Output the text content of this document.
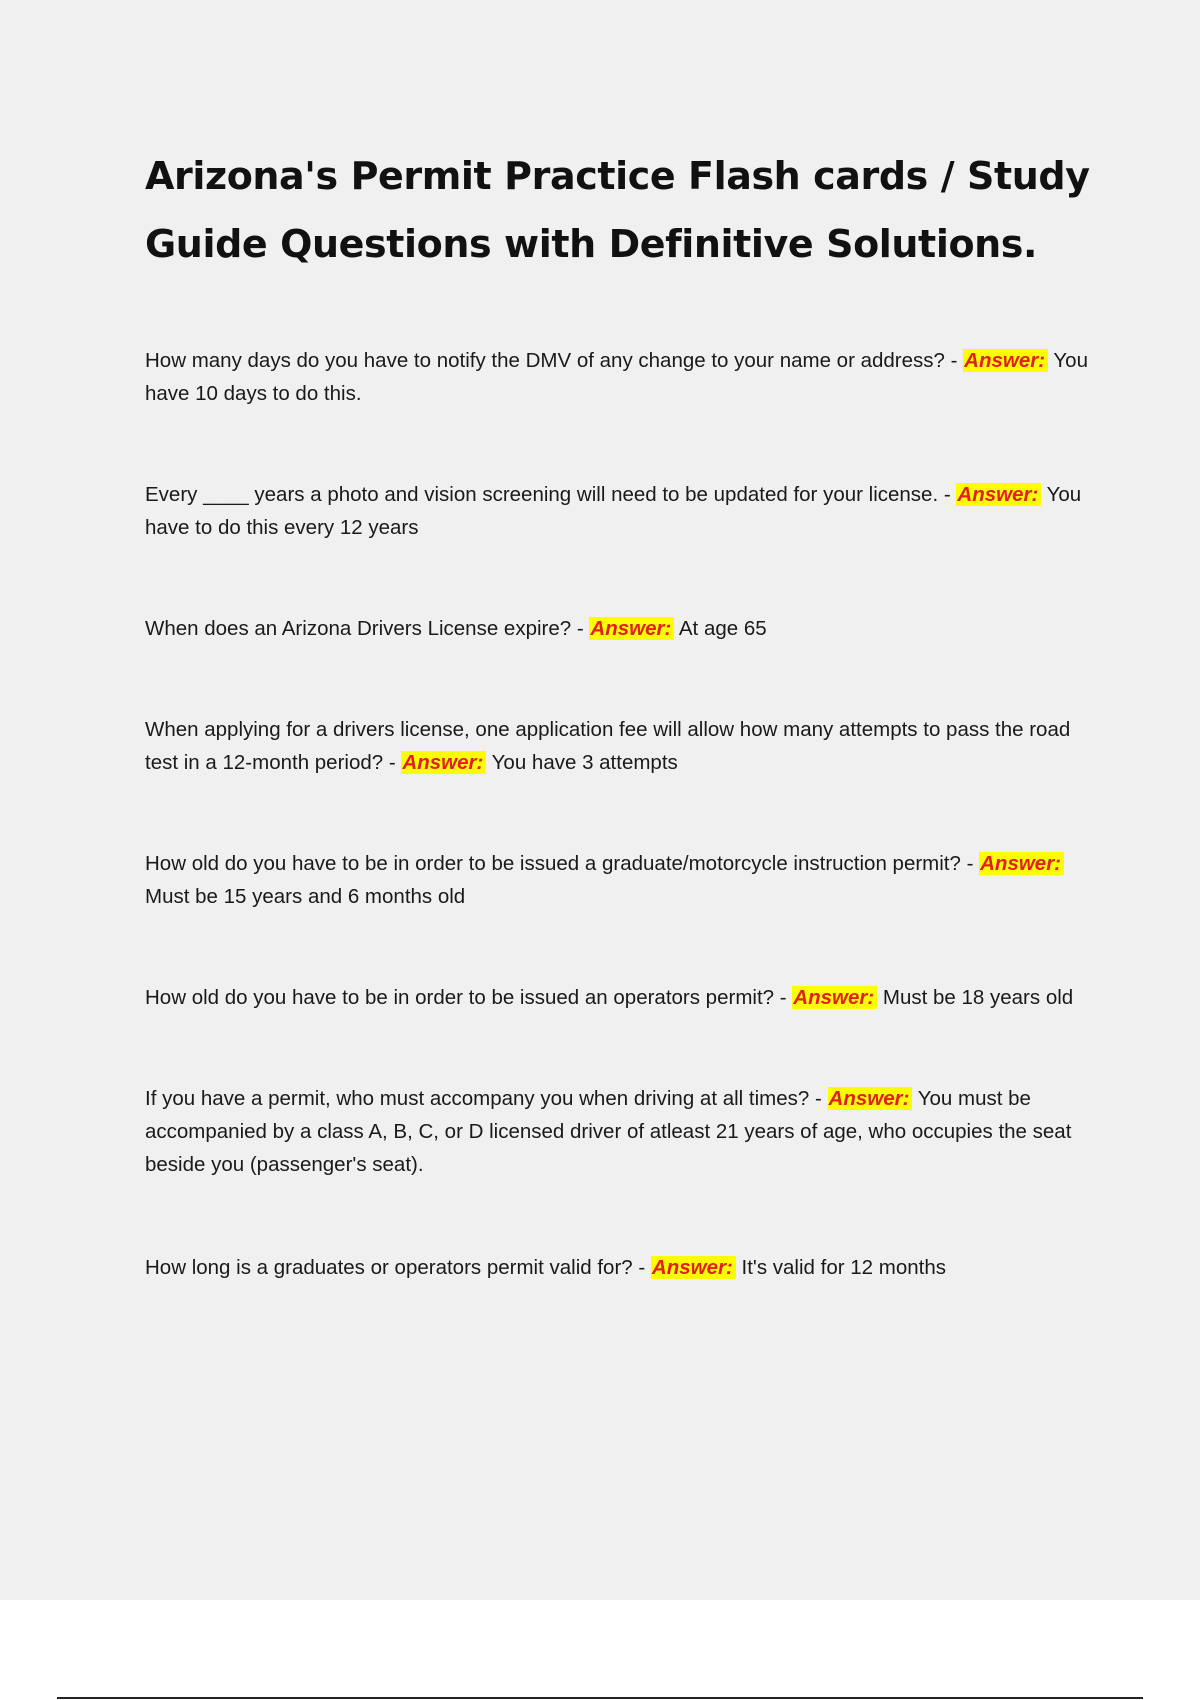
Arizona's Permit Practice Flash cards / Study
Guide Questions with Definitive Solutions.
How many days do you have to notify the DMV of any change to your name or address? - Answer: You have 10 days to do this.
Every ____ years a photo and vision screening will need to be updated for your license. - Answer: You have to do this every 12 years
When does an Arizona Drivers License expire? - Answer: At age 65
When applying for a drivers license, one application fee will allow how many attempts to pass the road test in a 12-month period? - Answer: You have 3 attempts
How old do you have to be in order to be issued a graduate/motorcycle instruction permit? - Answer: Must be 15 years and 6 months old
How old do you have to be in order to be issued an operators permit? - Answer: Must be 18 years old
If you have a permit, who must accompany you when driving at all times? - Answer: You must be accompanied by a class A, B, C, or D licensed driver of atleast 21 years of age, who occupies the seat beside you (passenger's seat).
How long is a graduates or operators permit valid for? - Answer: It's valid for 12 months
